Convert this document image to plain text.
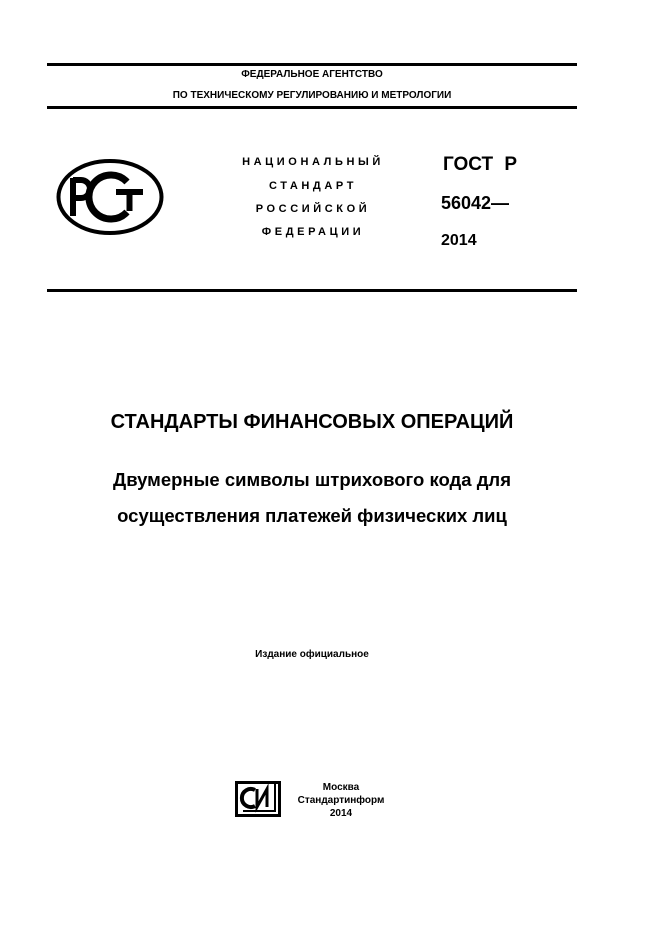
ФЕДЕРАЛЬНОЕ АГЕНТСТВО
ПО ТЕХНИЧЕСКОМУ РЕГУЛИРОВАНИЮ И МЕТРОЛОГИИ
НАЦИОНАЛЬНЫЙ
СТАНДАРТ
РОССИЙСКОЙ
ФЕДЕРАЦИИ
ГОСТ Р
56042—
2014
СТАНДАРТЫ ФИНАНСОВЫХ ОПЕРАЦИЙ
Двумерные символы штрихового кода для
осуществления платежей физических лиц
Издание официальное
Москва
Стандартинформ
2014
